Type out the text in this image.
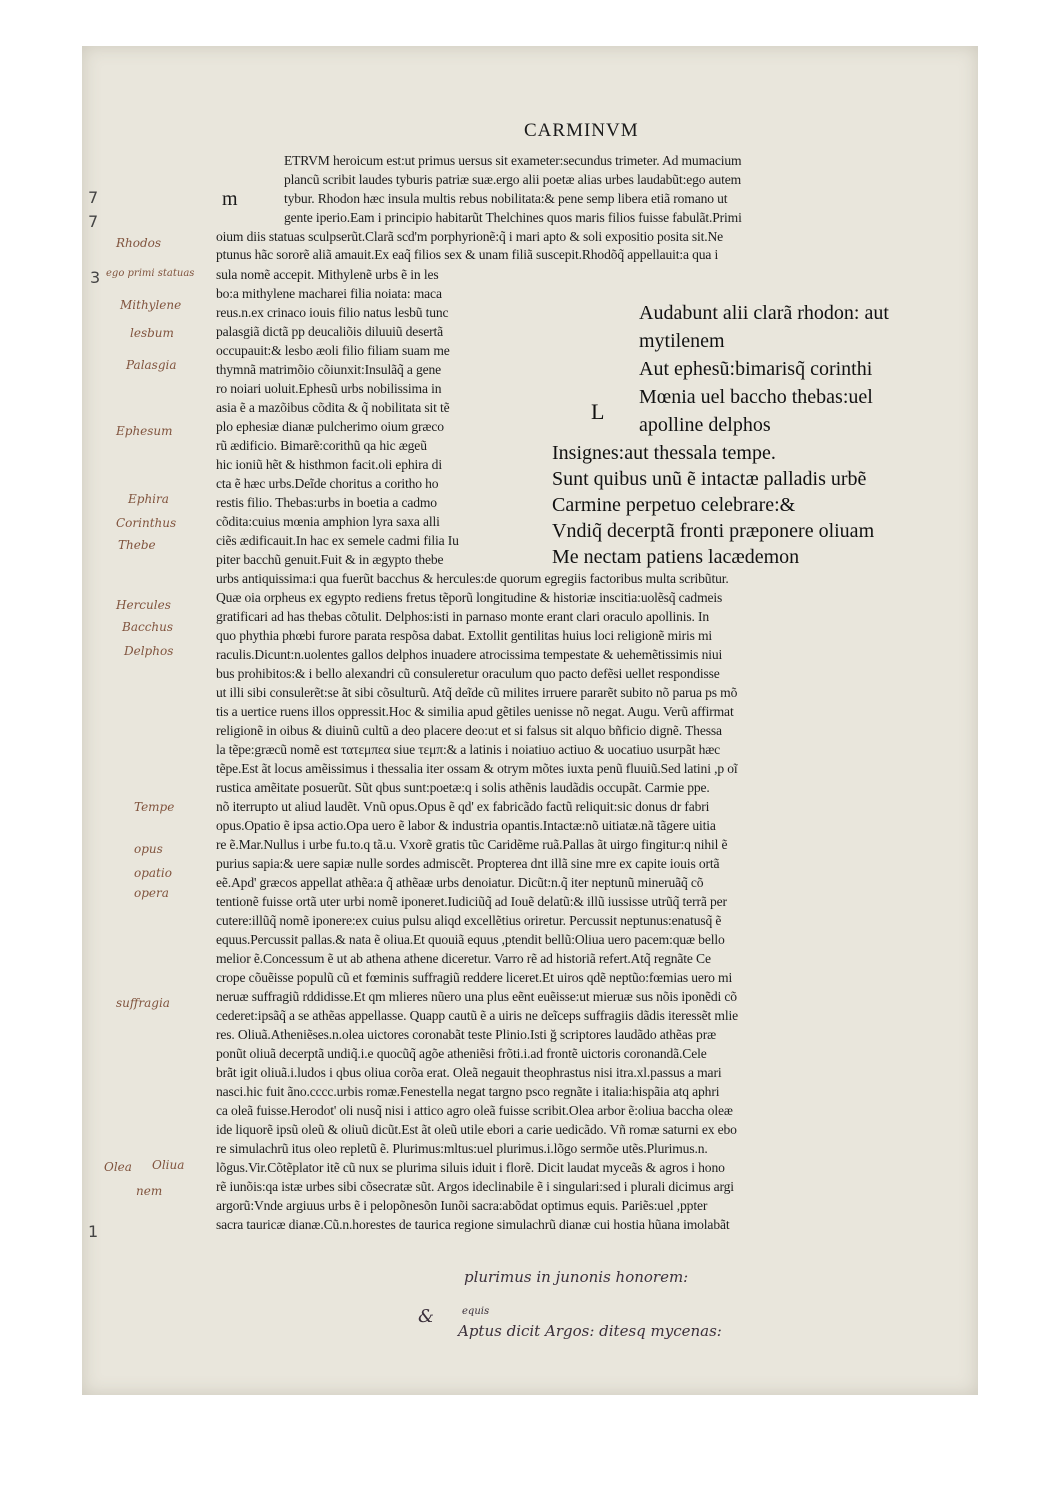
CARMINVM
m
ETRVM heroicum est:ut primus uersus sit exameter:secundus trimeter. Ad mumacium
plancũ scribit laudes tyburis patriæ suæ.ergo alii poetæ alias urbes laudabũt:ego autem
tybur. Rhodon hæc insula multis rebus nobilitata:& pene semp libera etiã romano ut
gente iperio.Eam i principio habitarũt Thelchines quos maris filios fuisse fabulãt.Primi
oium diis statuas sculpserũt.Clarã scd'm porphyrionẽ:q̃ i mari apto & soli expositio posita sit.Ne
ptunus hãc sororẽ aliã amauit.Ex eaq̃ filios sex & unam filiã suscepit.Rhodõq̃ appellauit:a qua i
sula nomẽ accepit. Mithylenẽ urbs ẽ in les
bo:a mithylene macharei filia noiata: maca
reus.n.ex crinaco iouis filio natus lesbũ tunc
palasgiã dictã pp deucaliõis diluuiũ desertã
occupauit:& lesbo æoli filio filiam suam me
thymnã matrimõio cõiunxit:Insulãq̃ a gene
ro noiari uoluit.Ephesũ urbs nobilissima in
asia ẽ a mazõibus cõdita & q̃ nobilitata sit tẽ
plo ephesiæ dianæ pulcherimo oium græco
rũ ædificio. Bimarẽ:corithũ qa hic ægeũ
hic ioniũ hẽt & histhmon facit.oli ephira di
cta ẽ hæc urbs.Deĩde choritus a coritho ho
restis filio. Thebas:urbs in boetia a cadmo
cõdita:cuius mœnia amphion lyra saxa alli
ciẽs ædificauit.In hac ex semele cadmi filia Iu
piter bacchũ genuit.Fuit & in ægypto thebe
L
Audabunt alii clarã rhodon: aut
mytilenem
Aut ephesũ:bimarisq̃ corinthi
Mœnia uel baccho thebas:uel
apolline delphos
Insignes:aut thessala tempe.
Sunt quibus unũ ẽ intactæ palladis urbẽ
Carmine perpetuo celebrare:&
Vndiq̃ decerptã fronti præponere oliuam
Me nectam patiens lacædemon
urbs antiquissima:i qua fuerũt bacchus & hercules:de quorum egregiis factoribus multa scribũtur.
Quæ oia orpheus ex egypto rediens fretus tẽporũ longitudine & historiæ inscitia:uolẽsq̃ cadmeis
gratificari ad has thebas cõtulit. Delphos:isti in parnaso monte erant clari oraculo apollinis. In
quo phythia phœbi furore parata respõsa dabat. Extollit gentilitas huius loci religionẽ miris mi
raculis.Dicunt:n.uolentes gallos delphos inuadere atrocissima tempestate & uehemẽtissimis niui
bus prohibitos:& i bello alexandri cũ consuleretur oraculum quo pacto defẽsi uellet respondisse
ut illi sibi consulerẽt:se ãt sibi cõsulturũ. Atq̃ deĩde cũ milites irruere pararẽt subito nõ parua ps mõ
tis a uertice ruens illos oppressit.Hoc & similia apud gẽtiles uenisse nõ negat. Augu. Verũ affirmat
religionẽ in oibus & diuinũ cultũ a deo placere deo:ut et si falsus sit alquo bñficio dignẽ. Thessa
la tẽpe:græcũ nomẽ est τατεμπεα siue τεμπ:& a latinis i noiatiuo actiuo & uocatiuo usurpãt hæc
tẽpe.Est ãt locus amẽissimus i thessalia iter ossam & otrym mõtes iuxta penũ fluuiũ.Sed latini ,p oĩ
rustica amẽitate posuerũt. Sũt qbus sunt:poetæ:q i solis athẽnis laudãdis occupãt. Carmie ppe.
nõ iterrupto ut aliud laudẽt. Vnũ opus.Opus ẽ qd' ex fabricãdo factũ reliquit:sic donus dr fabri
opus.Opatio ẽ ipsa actio.Opa uero ẽ labor & industria opantis.Intactæ:nõ uitiatæ.nã tãgere uitia
re ẽ.Mar.Nullus i urbe fu.to.q tã.u. Vxorẽ gratis tũc Caridẽme ruã.Pallas ãt uirgo fingitur:q nihil ẽ
purius sapia:& uere sapiæ nulle sordes admiscẽt. Propterea dnt illã sine mre ex capite iouis ortã
eẽ.Apd' græcos appellat athẽa:a q̃ athẽaæ urbs denoiatur. Dicũt:n.q̃ iter neptunũ mineruãq̃ cõ
tentionẽ fuisse ortã uter urbi nomẽ iponeret.Iudiciũq̃ ad Iouẽ delatũ:& illũ iussisse utrũq̃ terrã per
cutere:illũq̃ nomẽ iponere:ex cuius pulsu aliqd excellẽtius oriretur. Percussit neptunus:enatusq̃ ẽ
equus.Percussit pallas.& nata ẽ oliua.Et quouiã equus ,ptendit bellũ:Oliua uero pacem:quæ bello
melior ẽ.Concessum ẽ ut ab athena athene diceretur. Varro rẽ ad historiã refert.Atq̃ regnãte Ce
crope cõuẽisse populũ cũ et fœminis suffragiũ reddere liceret.Et uiros qdẽ neptũo:fœmias uero mi
neruæ suffragiũ rddidisse.Et qm mlieres nũero una plus eẽnt euẽisse:ut mieruæ sus nõis iponẽdi cõ
cederet:ipsãq̃ a se athẽas appellasse. Quapp cautũ ẽ a uiris ne deĩceps suffragiis dãdis iteressẽt mlie
res. Oliuã.Atheniẽses.n.olea uictores coronabãt teste Plinio.Isti ğ scriptores laudãdo athẽas præ
ponũt oliuã decerptã undiq̃.i.e quocũq̃ agõe atheniẽsi frõti.i.ad frontẽ uictoris coronandã.Cele
brãt igit oliuã.i.ludos i qbus oliua corõa erat. Oleã negauit theophrastus nisi itra.xl.passus a mari
nasci.hic fuit ãno.cccc.urbis romæ.Fenestella negat targno pscо regnãte i italia:hispãia atq aphri
ca oleã fuisse.Herodot' oli nusq̃ nisi i attico agro oleã fuisse scribit.Olea arbor ẽ:oliua baccha oleæ
ide liquorẽ ipsũ oleũ & oliuũ dicũt.Est ãt oleũ utile ebori a carie uedicãdo. Vñ romæ saturni ex ebo
re simulachrũ itus oleo repletũ ẽ. Plurimus:mltus:uel plurimus.i.lõgo sermõe utẽs.Plurimus.n.
lõgus.Vir.Cõtẽplator itẽ cũ nux se plurima siluis iduit i florẽ. Dicit laudat myceãs & agros i hono
rẽ iunõis:qa istæ urbes sibi cõsecratæ sũt. Argos ideclinabile ẽ i singulari:sed i plurali dicimus argi
argorũ:Vnde argiuus urbs ẽ i pelopõnesõn Iunõi sacra:abõdat optimus equis. Pariẽs:uel ,ppter
sacra tauricæ dianæ.Cũ.n.horestes de taurica regione simulachrũ dianæ cui hostia hũana imolabãt
Rhodos
ego primi statuas
Mithylene
lesbum
Palasgia
Ephesum
Ephira
Corinthus
Thebe
Hercules
Bacchus
Delphos
Tempe
opus
opatio
opera
suffragia
Olea Oliua
nem
7
7
3
1
equis
plurimus in junonis honorem:
&
Aptus dicit Argos: ditesq mycenas:
